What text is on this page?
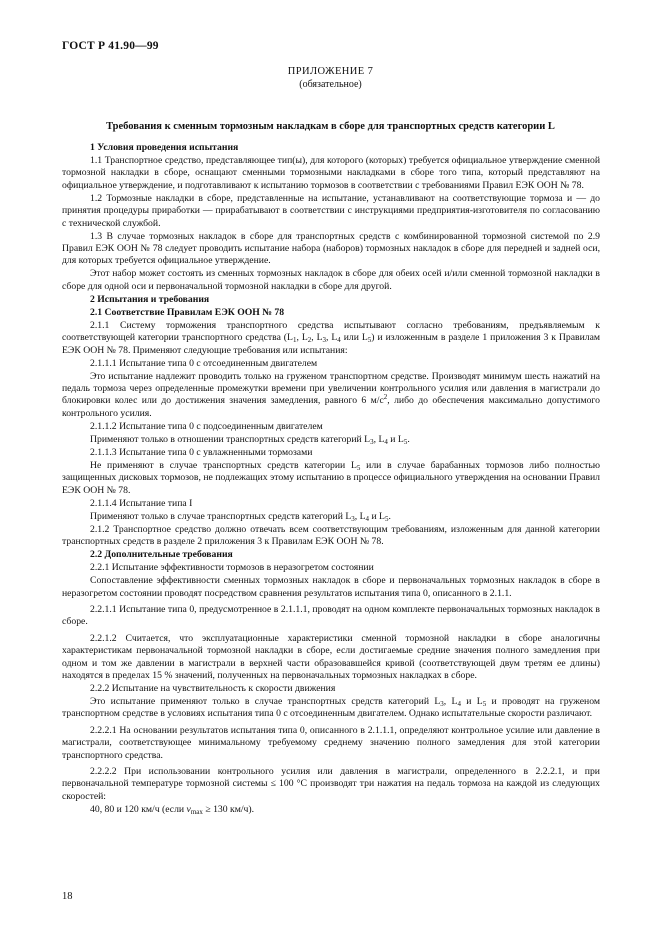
ГОСТ Р 41.90—99
ПРИЛОЖЕНИЕ 7
(обязательное)
Требования к сменным тормозным накладкам в сборе для транспортных средств категории L

1 Условия проведения испытания

1.1 Транспортное средство, представляющее тип(ы), для которого (которых) требуется официальное утверждение сменной тормозной накладки в сборе, оснащают сменными тормозными накладками в сборе того типа, который представляют на официальное утверждение, и подготавливают к испытанию тормозов в соответствии с требованиями Правил ЕЭК ООН № 78.

1.2 Тормозные накладки в сборе, представленные на испытание, устанавливают на соответствующие тормоза и — до принятия процедуры приработки — прирабатывают в соответствии с инструкциями предприятия-изготовителя по согласованию с технической службой.

1.3 В случае тормозных накладок в сборе для транспортных средств с комбинированной тормозной системой по 2.9 Правил ЕЭК ООН № 78 следует проводить испытание набора (наборов) тормозных накладок в сборе для передней и задней оси, для которых требуется официальное утверждение.

Этот набор может состоять из сменных тормозных накладок в сборе для обеих осей и/или сменной тормозной накладки в сборе для одной оси и первоначальной тормозной накладки в сборе для другой.

2 Испытания и требования

2.1 Соответствие Правилам ЕЭК ООН № 78

2.1.1 Систему торможения транспортного средства испытывают согласно требованиям, предъявляемым к соответствующей категории транспортного средства ($L_1$, $L_2$, $L_3$, $L_4$ или $L_5$) и изложенным в разделе 1 приложения 3 к Правилам ЕЭК ООН № 78. Применяют следующие требования или испытания:

2.1.1.1 Испытание типа 0 с отсоединенным двигателем

Это испытание надлежит проводить только на груженом транспортном средстве. Производят минимум шесть нажатий на педаль тормоза через определенные промежутки времени при увеличении контрольного усилия или давления в магистрали до блокировки колес или до достижения значения замедления, равного 6 $м/с^2$, либо до обеспечения максимально допустимого контрольного усилия.

2.1.1.2 Испытание типа 0 с подсоединенным двигателем

Применяют только в отношении транспортных средств категорий $L_3$, $L_4$ и $L_5$.

2.1.1.3 Испытание типа 0 с увлажненными тормозами

Не применяют в случае транспортных средств категории $L_5$ или в случае барабанных тормозов либо полностью защищенных дисковых тормозов, не подлежащих этому испытанию в процессе официального утверждения на основании Правил ЕЭК ООН № 78.

2.1.1.4 Испытание типа I

Применяют только в случае транспортных средств категорий $L_3$, $L_4$ и $L_5$.

2.1.2 Транспортное средство должно отвечать всем соответствующим требованиям, изложенным для данной категории транспортных средств в разделе 2 приложения 3 к Правилам ЕЭК ООН № 78.

2.2 Дополнительные требования

2.2.1 Испытание эффективности тормозов в неразогретом состоянии

Сопоставление эффективности сменных тормозных накладок в сборе и первоначальных тормозных накладок в сборе в неразогретом состоянии проводят посредством сравнения результатов испытания типа 0, описанного в 2.1.1.

2.2.1.1 Испытание типа 0, предусмотренное в 2.1.1.1, проводят на одном комплекте первоначальных тормозных накладок в сборе.

2.2.1.2 Считается, что эксплуатационные характеристики сменной тормозной накладки в сборе аналогичны характеристикам первоначальной тормозной накладки в сборе, если достигаемые средние значения полного замедления при одном и том же давлении в магистрали в верхней части образовавшейся кривой (соответствующей двум третям ее длины) находятся в пределах 15 % значений, полученных на первоначальных тормозных накладках в сборе.

2.2.2 Испытание на чувствительность к скорости движения

Это испытание применяют только в случае транспортных средств категорий $L_3$, $L_4$ и $L_5$ и проводят на груженом транспортном средстве в условиях испытания типа 0 с отсоединенным двигателем. Однако испытательные скорости различают.

2.2.2.1 На основании результатов испытания типа 0, описанного в 2.1.1.1, определяют контрольное усилие или давление в магистрали, соответствующее минимальному требуемому среднему значению полного замедления для этой категории транспортного средства.

2.2.2.2 При использовании контрольного усилия или давления в магистрали, определенного в 2.2.2.1, и при первоначальной температуре тормозной системы ≤ 100 °С производят три нажатия на педаль тормоза на каждой из следующих скоростей:

40, 80 и 120 км/ч (если $v_{max} \ge 130$ км/ч).

18
